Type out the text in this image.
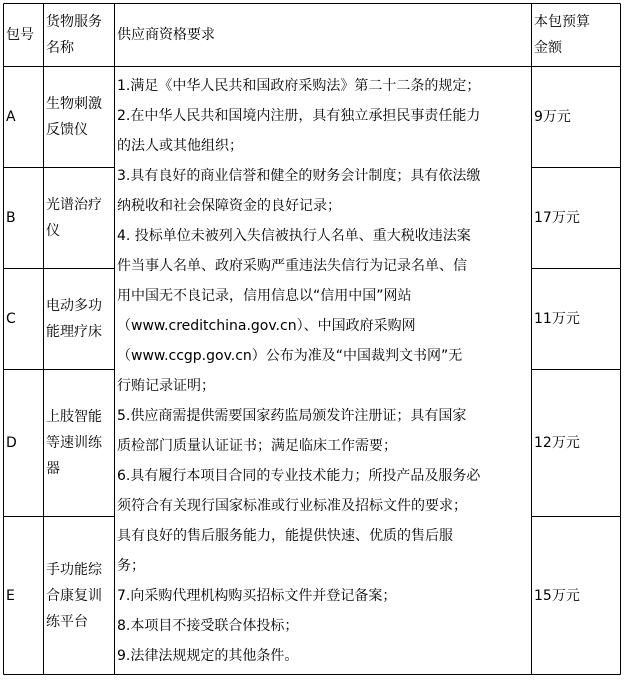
包号
货物服务
名称
供应商资格要求
本包预算
金额
A
生物刺激
反馈仪
9万元
B
光谱治疗
仪
17万元
C
电动多功
能理疗床
11万元
D
上肢智能
等速训练
器
12万元
E
手功能综
合康复训
练平台
15万元
1.满足《中华人民共和国政府采购法》第二十二条的规定；
2.在中华人民共和国境内注册，具有独立承担民事责任能力
的法人或其他组织；
3.具有良好的商业信誉和健全的财务会计制度；具有依法缴
纳税收和社会保障资金的良好记录；
4. 投标单位未被列入失信被执行人名单、重大税收违法案
件当事人名单、政府采购严重违法失信行为记录名单、信
用中国无不良记录，信用信息以“信用中国”网站
（www.creditchina.gov.cn）、中国政府采购网
（www.ccgp.gov.cn）公布为准及“中国裁判文书网”无
行贿记录证明；
5.供应商需提供需要国家药监局颁发许注册证；具有国家
质检部门质量认证证书；满足临床工作需要；
6.具有履行本项目合同的专业技术能力；所投产品及服务必
须符合有关现行国家标准或行业标准及招标文件的要求；
具有良好的售后服务能力，能提供快速、优质的售后服
务；
7.向采购代理机构购买招标文件并登记备案；
8.本项目不接受联合体投标；
9.法律法规规定的其他条件。
